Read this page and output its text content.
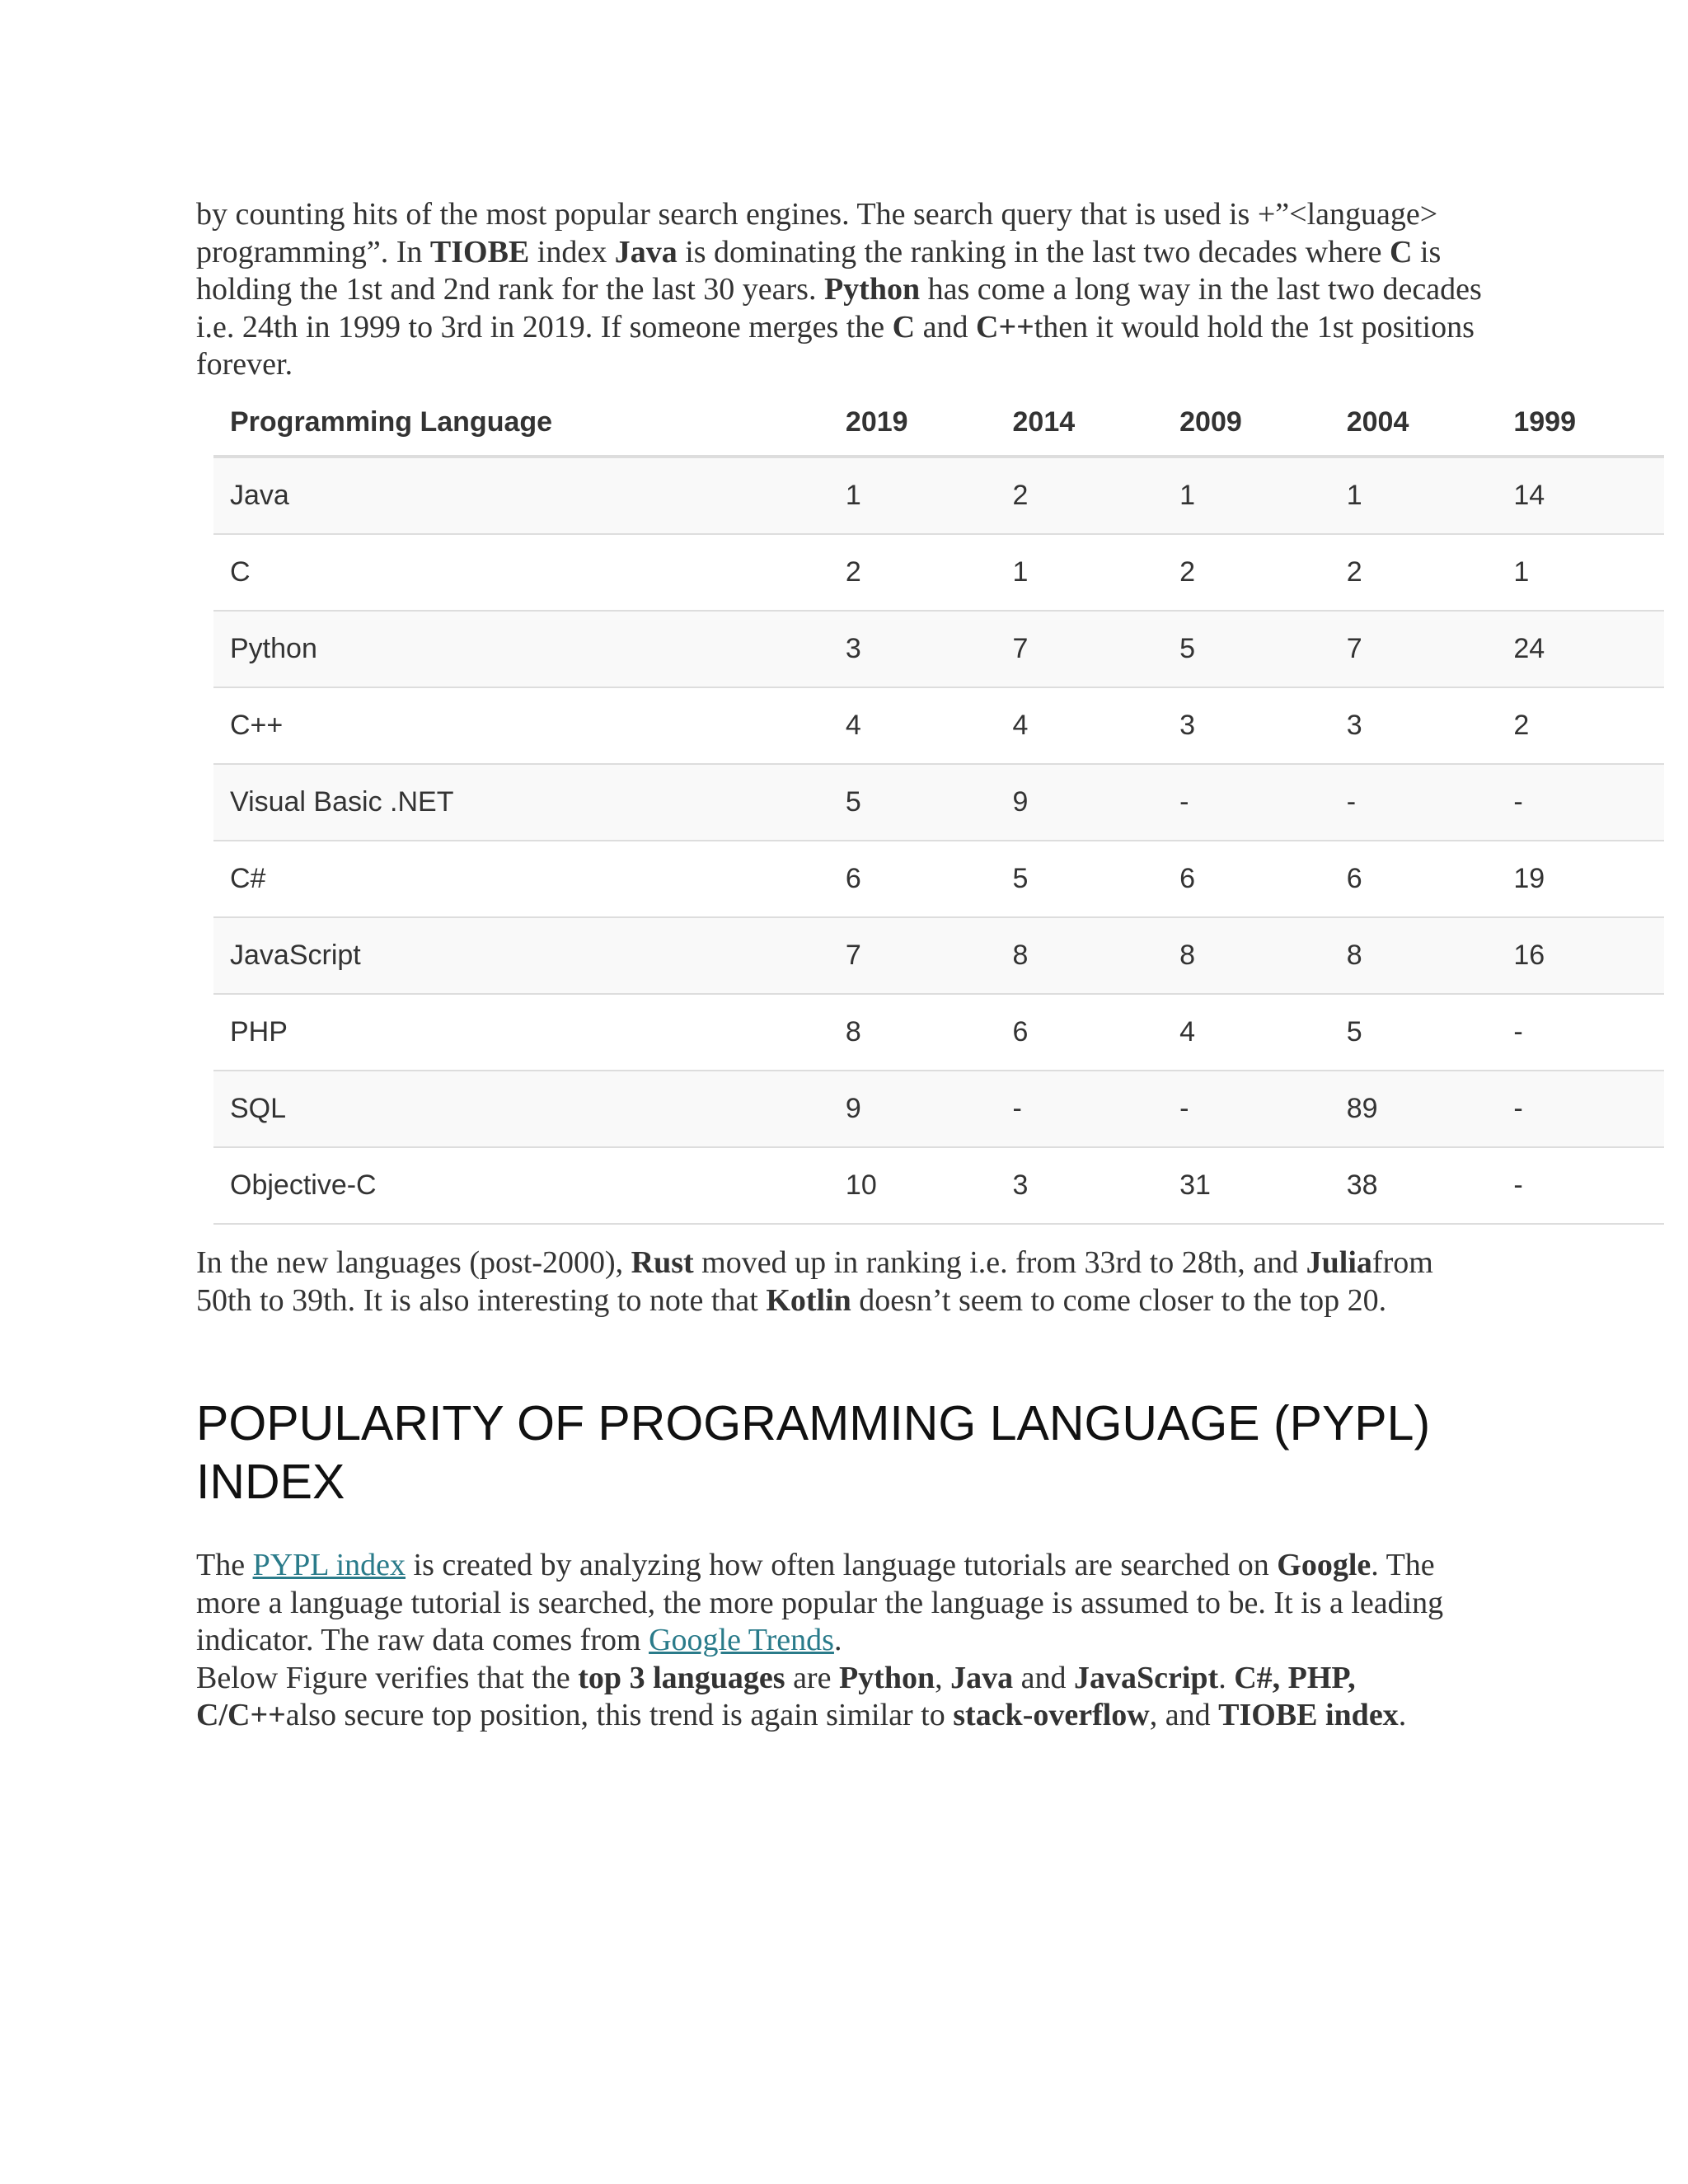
by counting hits of the most popular search engines. The search query that is used is +”<language> programming”. In TIOBE index Java is dominating the ranking in the last two decades where C is holding the 1st and 2nd rank for the last 30 years. Python has come a long way in the last two decades i.e. 24th in 1999 to 3rd in 2019. If someone merges the C and C++then it would hold the 1st positions forever.
Programming Language	2019	2014	2009	2004	1999
Java	1	2	1	1	14
C	2	1	2	2	1
Python	3	7	5	7	24
C++	4	4	3	3	2
Visual Basic .NET	5	9	-	-	-
C#	6	5	6	6	19
JavaScript	7	8	8	8	16
PHP	8	6	4	5	-
SQL	9	-	-	89	-
Objective-C	10	3	31	38	-
In the new languages (post-2000), Rust moved up in ranking i.e. from 33rd to 28th, and Juliafrom 50th to 39th. It is also interesting to note that Kotlin doesn’t seem to come closer to the top 20.
POPULARITY OF PROGRAMMING LANGUAGE (PYPL) INDEX
The PYPL index is created by analyzing how often language tutorials are searched on Google. The more a language tutorial is searched, the more popular the language is assumed to be. It is a leading indicator. The raw data comes from Google Trends.
Below Figure verifies that the top 3 languages are Python, Java and JavaScript. C#, PHP, C/C++also secure top position, this trend is again similar to stack-overflow, and TIOBE index.
